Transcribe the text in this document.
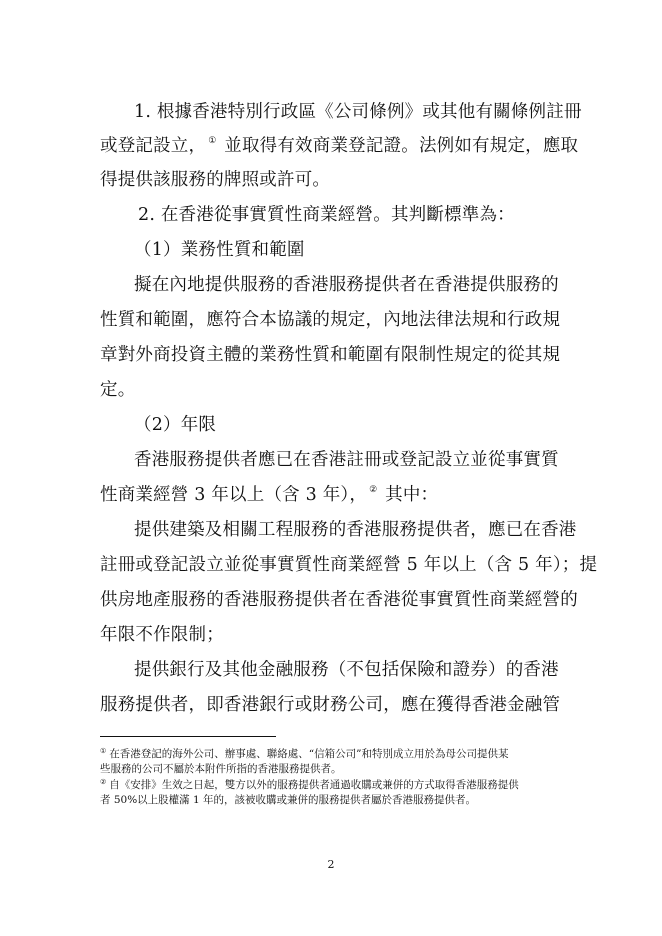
1. 根據香港特別行政區《公司條例》或其他有關條例註冊
或登記設立， ① 並取得有效商業登記證。法例如有規定，應取
得提供該服務的牌照或許可。
2. 在香港從事實質性商業經營。其判斷標準為：
（1）業務性質和範圍
擬在內地提供服務的香港服務提供者在香港提供服務的
性質和範圍，應符合本協議的規定，內地法律法規和行政規
章對外商投資主體的業務性質和範圍有限制性規定的從其規
定。
（2）年限
香港服務提供者應已在香港註冊或登記設立並從事實質
性商業經營 3 年以上（含 3 年）， ② 其中：
提供建築及相關工程服務的香港服務提供者，應已在香港
註冊或登記設立並從事實質性商業經營 5 年以上（含 5 年）；提
供房地產服務的香港服務提供者在香港從事實質性商業經營的
年限不作限制；
提供銀行及其他金融服務（不包括保險和證券）的香港
服務提供者，即香港銀行或財務公司，應在獲得香港金融管
① 在香港登記的海外公司、辦事處、聯絡處、“信箱公司”和特別成立用於為母公司提供某
些服務的公司不屬於本附件所指的香港服務提供者。
② 自《安排》生效之日起，雙方以外的服務提供者通過收購或兼併的方式取得香港服務提供
者 50%以上股權滿 1 年的，該被收購或兼併的服務提供者屬於香港服務提供者。
2
